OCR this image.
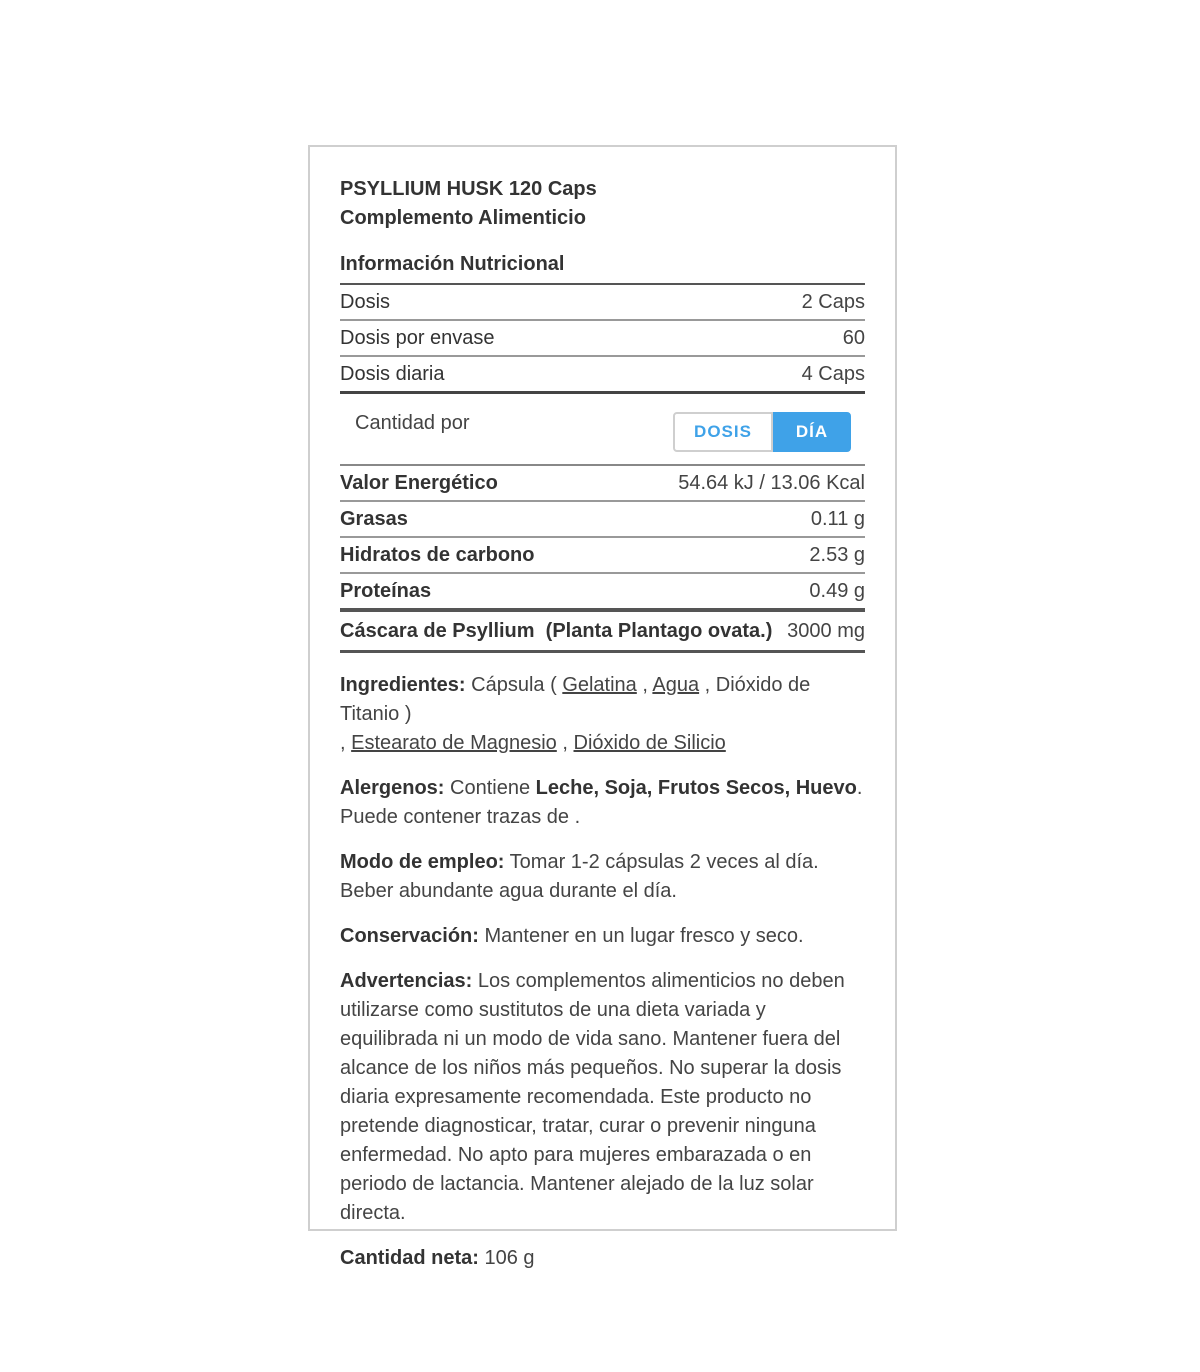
PSYLLIUM HUSK 120 Caps
Complemento Alimenticio
Información Nutricional
Dosis	2 Caps
Dosis por envase	60
Dosis diaria	4 Caps
Cantidad por	DOSIS	DÍA
Valor Energético	54.64 kJ / 13.06 Kcal
Grasas	0.11 g
Hidratos de carbono	2.53 g
Proteínas	0.49 g
Cáscara de Psyllium  (Planta Plantago ovata.) 3000 mg
Ingredientes: Cápsula ( Gelatina , Agua , Dióxido de Titanio )
, Estearato de Magnesio , Dióxido de Silicio
Alergenos: Contiene Leche, Soja, Frutos Secos, Huevo.
Puede contener trazas de .
Modo de empleo: Tomar 1-2 cápsulas 2 veces al día. Beber abundante agua durante el día.
Conservación: Mantener en un lugar fresco y seco.
Advertencias: Los complementos alimenticios no deben utilizarse como sustitutos de una dieta variada y equilibrada ni un modo de vida sano. Mantener fuera del alcance de los niños más pequeños. No superar la dosis diaria expresamente recomendada. Este producto no pretende diagnosticar, tratar, curar o prevenir ninguna enfermedad. No apto para mujeres embarazada o en periodo de lactancia. Mantener alejado de la luz solar directa.
Cantidad neta: 106 g
